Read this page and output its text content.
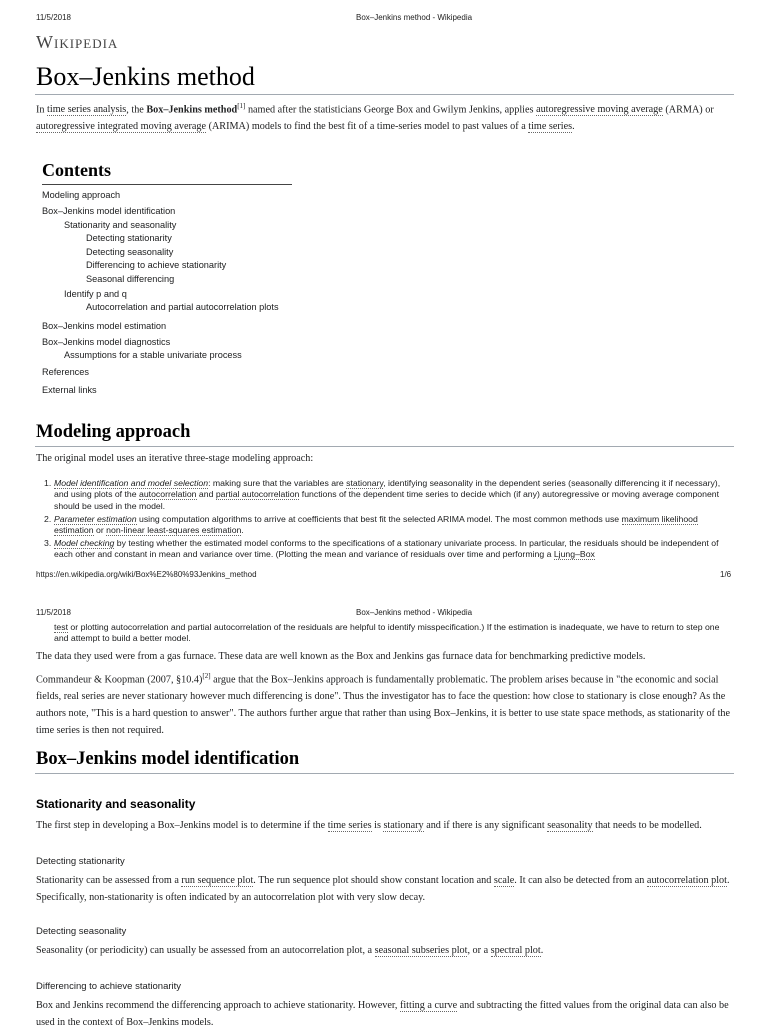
11/5/2018	Box–Jenkins method - Wikipedia
Wikipedia
Box–Jenkins method

In time series analysis, the Box–Jenkins method[1] named after the statisticians George Box and Gwilym Jenkins, applies autoregressive moving average (ARMA) or autoregressive integrated moving average (ARIMA) models to find the best fit of a time-series model to past values of a time series.

Contents
Modeling approach
Box–Jenkins model identification
Stationarity and seasonality
Detecting stationarity
Detecting seasonality
Differencing to achieve stationarity
Seasonal differencing
Identify p and q
Autocorrelation and partial autocorrelation plots
Box–Jenkins model estimation
Box–Jenkins model diagnostics
Assumptions for a stable univariate process
References
External links
Modeling approach

The original model uses an iterative three-stage modeling approach:

1. Model identification and model selection: making sure that the variables are stationary, identifying seasonality in the dependent series (seasonally differencing it if necessary), and using plots of the autocorrelation and partial autocorrelation functions of the dependent time series to decide which (if any) autoregressive or moving average component should be used in the model.

2. Parameter estimation using computation algorithms to arrive at coefficients that best fit the selected ARIMA model. The most common methods use maximum likelihood estimation or non-linear least-squares estimation.

3. Model checking by testing whether the estimated model conforms to the specifications of a stationary univariate process. In particular, the residuals should be independent of each other and constant in mean and variance over time. (Plotting the mean and variance of residuals over time and performing a Ljung–Box

https://en.wikipedia.org/wiki/Box%E2%80%93Jenkins_method	1/6
11/5/2018	Box–Jenkins method - Wikipedia

test or plotting autocorrelation and partial autocorrelation of the residuals are helpful to identify misspecification.) If the estimation is inadequate, we have to return to step one and attempt to build a better model.

The data they used were from a gas furnace. These data are well known as the Box and Jenkins gas furnace data for benchmarking predictive models.

Commandeur & Koopman (2007, §10.4)[2] argue that the Box–Jenkins approach is fundamentally problematic. The problem arises because in "the economic and social fields, real series are never stationary however much differencing is done". Thus the investigator has to face the question: how close to stationary is close enough? As the authors note, "This is a hard question to answer". The authors further argue that rather than using Box–Jenkins, it is better to use state space methods, as stationarity of the time series is then not required.

Box–Jenkins model identification
Stationarity and seasonality

The first step in developing a Box–Jenkins model is to determine if the time series is stationary and if there is any significant seasonality that needs to be modelled.

Detecting stationarity

Stationarity can be assessed from a run sequence plot. The run sequence plot should show constant location and scale. It can also be detected from an autocorrelation plot. Specifically, non-stationarity is often indicated by an autocorrelation plot with very slow decay.

Detecting seasonality

Seasonality (or periodicity) can usually be assessed from an autocorrelation plot, a seasonal subseries plot, or a spectral plot.

Differencing to achieve stationarity

Box and Jenkins recommend the differencing approach to achieve stationarity. However, fitting a curve and subtracting the fitted values from the original data can also be used in the context of Box–Jenkins models.
